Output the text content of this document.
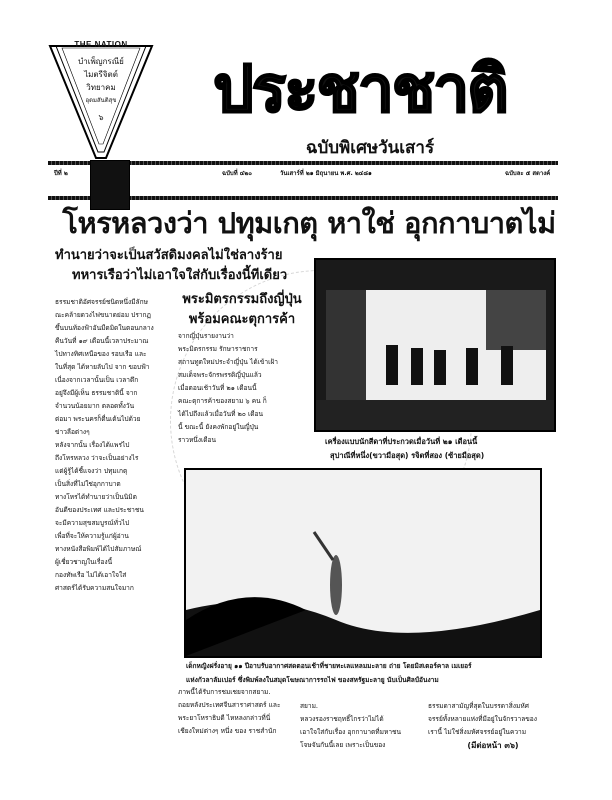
THE NATION
บำเพ็ญกรณีย์
ไมตรีจิตต์
วิทยาคม
อุดมสันติสุข
๖	ประชาชาติ
ฉบับพิเศษวันเสาร์
ปีที่ ๒	ฉบับที่ ๔๒๐	วันเสาร์ที่ ๒๑ มิถุนายน พ.ศ. ๒๔๘๑	ฉบับละ ๕ สตางค์
โหรหลวงว่า ปทุมเกตุ หาใช่ อุกกาบาตไม่
ทำนายว่าจะเป็นสวัสดิมงคลไม่ใช่ลางร้าย
ทหารเรือว่าไม่เอาใจใส่กับเรื่องนี้ทีเดียว

ธรรมชาติอัศจรรย์ชนิดหนึ่งมีลักษ

ณะคล้ายดวงไฟขนาดย่อม ปรากฏ

ขึ้นบนท้องฟ้าอันมืดมิดในตอนกลาง

คืนวันที่ ๑๙ เดือนนี้เวลาประมาณ

ไปทางทิศเหนือของ รอบเรือ และ

ในที่สุด ได้หายลับไป จาก ขอบฟ้า

เนื่องจากเวลานั้นเป็น เวลาดึก

อยู่จึงมีผู้เห็น ธรรมชาตินี้ จาก

จำนวนน้อยมาก ตลอดทั้งวัน

ต่อมา พระนครก็ตื่นเต้นไปด้วย

ข่าวลือต่างๆ

หลังจากนั้น เรื่องได้แพร่ไป

ถึงโหรหลวง ว่าจะเป็นอย่างไร

แต่ผู้รู้ได้ชี้แจงว่า ปทุมเกตุ

เป็นสิ่งที่ไม่ใช่อุกกาบาต

ทางโหรได้ทำนายว่าเป็นนิมิต

อันดีของประเทศ และประชาชน

จะมีความสุขสมบูรณ์ทั่วไป

เพื่อที่จะให้ความรู้แก่ผู้อ่าน

ทางหนังสือพิมพ์ได้ไปสัมภาษณ์

ผู้เชี่ยวชาญในเรื่องนี้

กองทัพเรือ ไม่ได้เอาใจใส่

ศาสตร์ได้รับความสนใจมาก

พระมิตรกรรมถึงญี่ปุ่น
พร้อมคณะตุการค้า

จากญี่ปุ่นรายงานว่า

พระมิตรกรรม รักษาราชการ

สถานทูตใหม่ประจำญี่ปุ่น ได้เข้าเฝ้า

สมเด็จพระจักรพรรดิญี่ปุ่นแล้ว

เมื่อตอนเช้าวันที่ ๒๑ เดือนนี้

คณะตุการค้าของสยาม ๖ คน ก็

ได้ไปถึงแล้วเมื่อวันที่ ๒๐ เดือน

นี้ ขณะนี้ ยังคงพักอยู่ในญี่ปุ่น

ราวหนึ่งเดือน	เครื่องแบบนักสีดาที่ประกวดเมื่อวันที่ ๒๑ เดือนนี้
สุปาณีที่หนึ่ง(ขวามือสุด) รจิตที่สอง (ซ้ายมือสุด)
เด็กหญิงฝรั่งอายุ ๑๑ ปีอาบรับอากาศสดตอนเช้าที่ชายทะเลแหลมมะลาย ถ่าย โดยมิสเตอร์คาล เมเยอร์
แห่งกัวลาลัมเปอร์ ซึ่งพิมพ์ลงในสมุดโฆษณาการรถไฟ ของสหรัฐมะลายู นับเป็นศิลป์อันงาม

ภาพนี้ได้รับการชมเชยจากสยาม.

ถอยหลังประเทศจีนสาราศาสตร์ และ

พระยาโหราธิบดี ไหหลงกล่าวที่นี่

เชียงใหม่ต่างๆ หนึ่ง ของ ราชสำนัก

สยาม.

หลวงรองราชฤทธิ์ไกรว่าไม่ได้

เอาใจใส่กับเรื่อง อุกกาบาตที่มหาชน

โจษจันกันนี้เลย เพราะเป็นของ

ธรรมดาสามัญที่สุดในบรรดาสิ่งมหัศ

จรรย์ทั้งหลายแห่งที่มีอยู่ในจักรวาลของ

เรานี้ ไม่ใช่สิ่งมหัศจรรย์อยู่ในความ

(มีต่อหน้า ๓๖)
